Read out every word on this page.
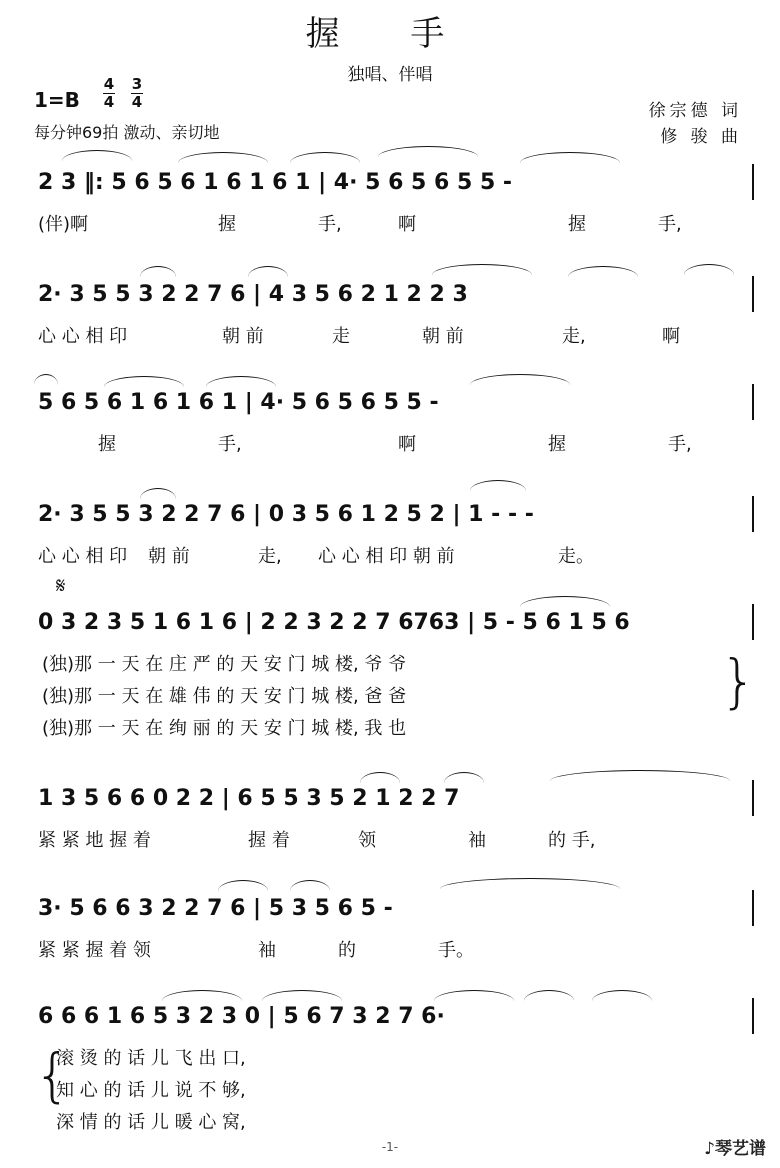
握 手
独唱、伴唱
1=B
4
4
3
4
每分钟69拍 激动、亲切地
徐宗德 词
修 骏 曲
2 3 ‖: 5 6 5 6 1 6 1 6 1 | 4· 5 6 5 6 5 5 -
(伴)啊	握	手,	啊	握	手,
2· 3 5 5 3 2 2 7 6 | 4 3 5 6 2 1 2 2 3
心 心 相 印	朝 前	走	朝 前	走,	啊
5 6 5 6 1 6 1 6 1 | 4· 5 6 5 6 5 5 -
握	手,	啊	握	手,
2· 3 5 5 3 2 2 7 6 | 0 3 5 6 1 2 5 2 | 1 - - -
心 心 相 印 朝 前	走, 心 心 相 印 朝 前	走。
𝄋
0 3 2 3 5 1 6 1 6 | 2 2 3 2 2 7 6763 | 5 - 5 6 1 5 6
(独)那 一 天 在 庄 严 的 天 安 门 城 楼, 爷 爷
(独)那 一 天 在 雄 伟 的 天 安 门 城 楼, 爸 爸
(独)那 一 天 在 绚 丽 的 天 安 门 城 楼, 我 也
}
1 3 5 6 6 0 2 2 | 6 5 5 3 5 2 1 2 2 7
紧 紧 地 握 着	握 着	领	袖	的 手,
3· 5 6 6 3 2 2 7 6 | 5 3 5 6 5 -
紧 紧 握 着 领	袖	的	手。
6 6 6 1 6 5 3 2 3 0 | 5 6 7 3 2 7 6·
{
滚 烫 的 话 儿 飞 出 口,
知 心 的 话 儿 说 不 够,
深 情 的 话 儿 暖 心 窝,
-1-	♪琴艺谱
